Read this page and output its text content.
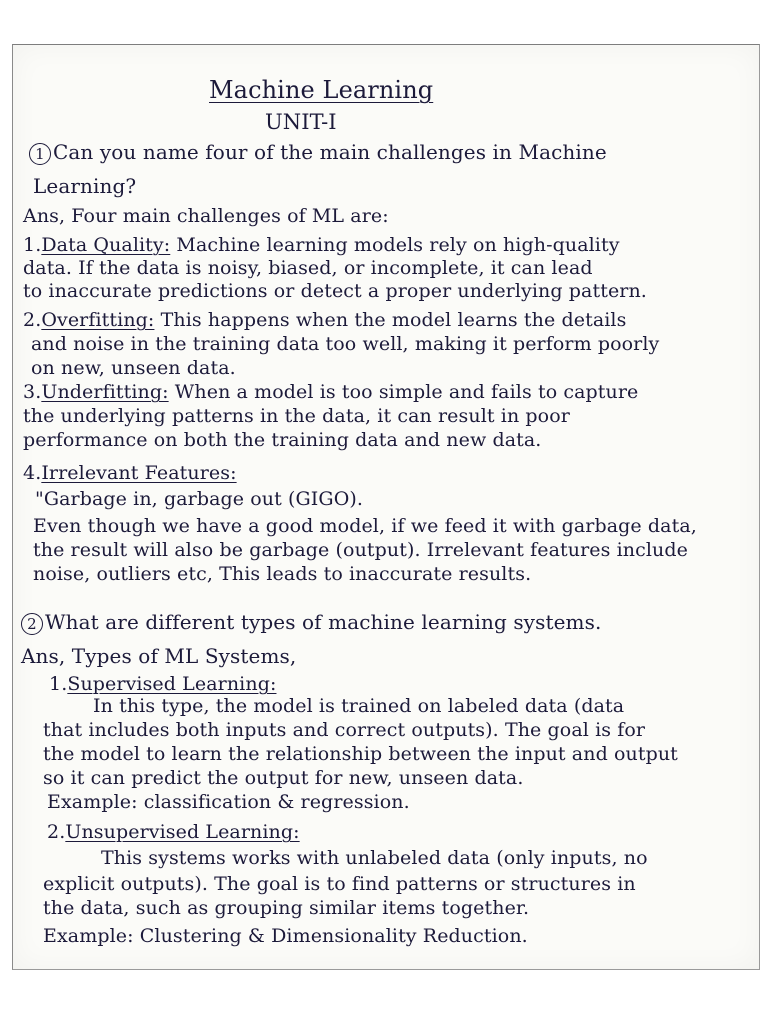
Machine Learning
UNIT-I
1 Can you name four of the main challenges in Machine
Learning?
Ans, Four main challenges of ML are:
1.Data Quality: Machine learning models rely on high-quality
data. If the data is noisy, biased, or incomplete, it can lead
to inaccurate predictions or detect a proper underlying pattern.
2.Overfitting: This happens when the model learns the details
and noise in the training data too well, making it perform poorly
on new, unseen data.
3.Underfitting: When a model is too simple and fails to capture
the underlying patterns in the data, it can result in poor
performance on both the training data and new data.
4.Irrelevant Features:
"Garbage in, garbage out (GIGO).
Even though we have a good model, if we feed it with garbage data,
the result will also be garbage (output). Irrelevant features include
noise, outliers etc, This leads to inaccurate results.
2 What are different types of machine learning systems.
Ans, Types of ML Systems,
1.Supervised Learning:
In this type, the model is trained on labeled data (data
that includes both inputs and correct outputs). The goal is for
the model to learn the relationship between the input and output
so it can predict the output for new, unseen data.
Example: classification & regression.
2.Unsupervised Learning:
This systems works with unlabeled data (only inputs, no
explicit outputs). The goal is to find patterns or structures in
the data, such as grouping similar items together.
Example: Clustering & Dimensionality Reduction.
